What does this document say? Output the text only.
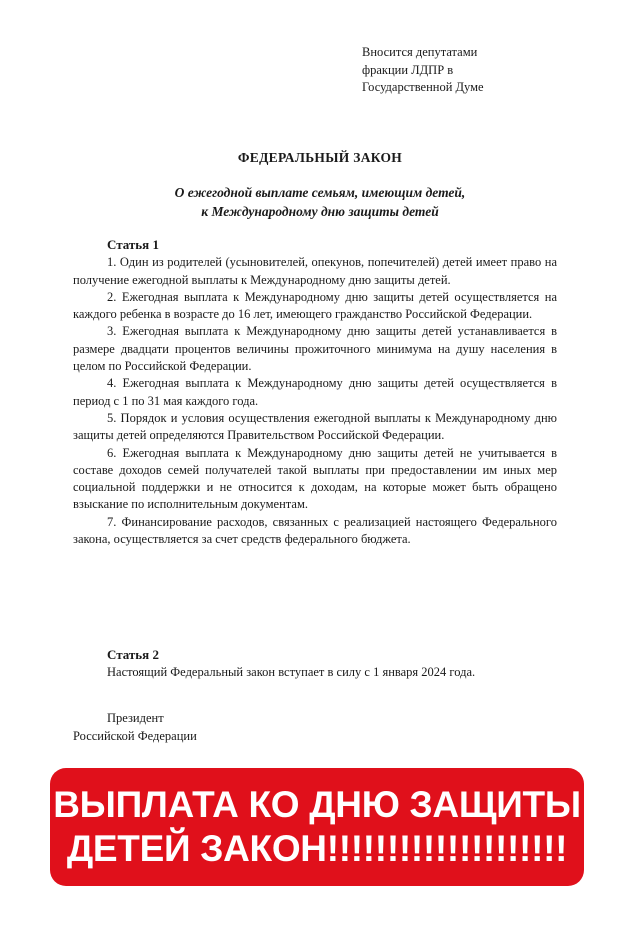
Вносится депутатами
фракции ЛДПР в
Государственной Думе
ФЕДЕРАЛЬНЫЙ ЗАКОН
О ежегодной выплате семьям, имеющим детей,
к Международному дню защиты детей
Статья 1

1. Один из родителей (усыновителей, опекунов, попечителей) детей имеет право на получение ежегодной выплаты к Международному дню защиты детей.

2. Ежегодная выплата к Международному дню защиты детей осуществляется на каждого ребенка в возрасте до 16 лет, имеющего гражданство Российской Федерации.

3. Ежегодная выплата к Международному дню защиты детей устанавливается в размере двадцати процентов величины прожиточного минимума на душу населения в целом по Российской Федерации.

4. Ежегодная выплата к Международному дню защиты детей осуществляется в период с 1 по 31 мая каждого года.

5. Порядок и условия осуществления ежегодной выплаты к Международному дню защиты детей определяются Правительством Российской Федерации.

6. Ежегодная выплата к Международному дню защиты детей не учитывается в составе доходов семей получателей такой выплаты при предоставлении им иных мер социальной поддержки и не относится к доходам, на которые может быть обращено взыскание по исполнительным документам.

7. Финансирование расходов, связанных с реализацией настоящего Федерального закона, осуществляется за счет средств федерального бюджета.

Статья 2

Настоящий Федеральный закон вступает в силу с 1 января 2024 года.

Президент
Российской Федерации
ВЫПЛАТА КО ДНЮ ЗАЩИТЫ
ДЕТЕЙ ЗАКОН!!!!!!!!!!!!!!!!!!!!
